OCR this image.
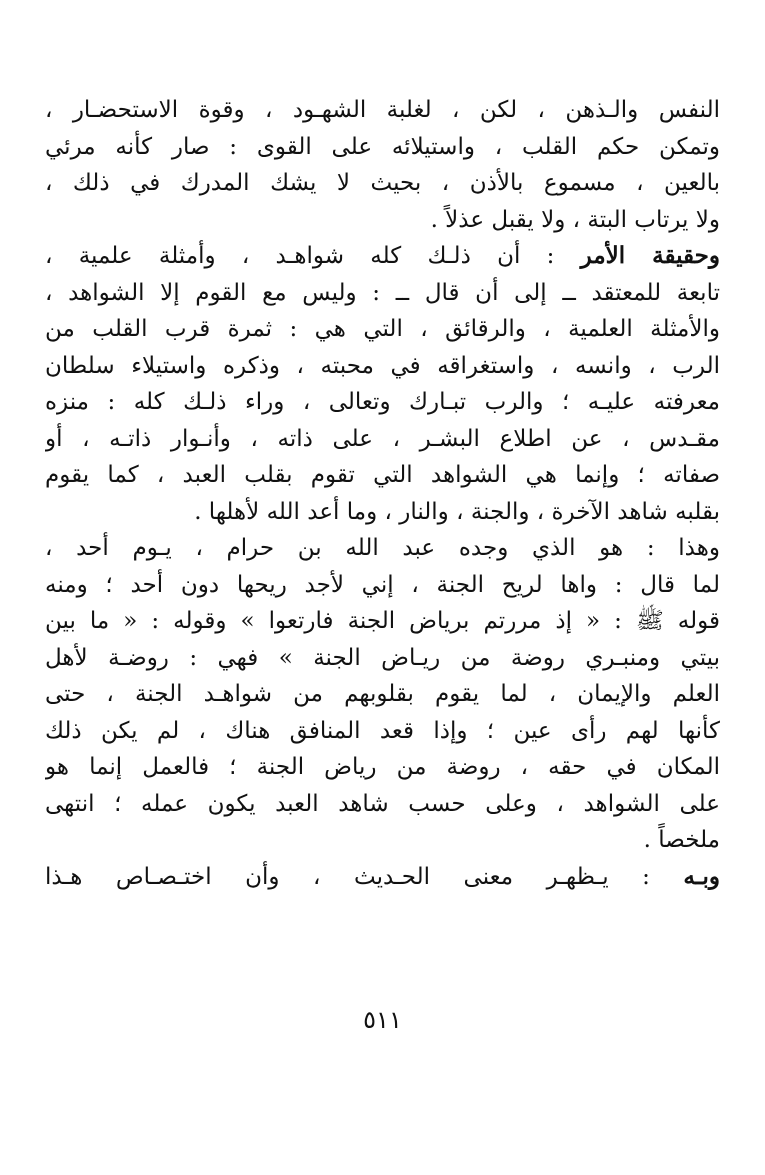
النفس والـذهن ، لكن ، لغلبة الشهـود ، وقوة الاستحضـار ،
وتمكن حكم القلب ، واستيلائه على القوى : صار كأنه مرئي
بالعين ، مسموع بالأذن ، بحيث لا يشك المدرك في ذلك ،
ولا يرتاب البتة ، ولا يقبل عذلاً .
وحقيقة الأمر : أن ذلـك كله شواهـد ، وأمثلة علمية ،
تابعة للمعتقد ــ إلى أن قال ــ : وليس مع القوم إلا الشواهد ،
والأمثلة العلمية ، والرقائق ، التي هي : ثمرة قرب القلب من
الرب ، وانسه ، واستغراقه في محبته ، وذكره واستيلاء سلطان
معرفته عليـه ؛ والرب تبـارك وتعالى ، وراء ذلـك كله : منزه
مقـدس ، عن اطلاع البشـر ، على ذاته ، وأنـوار ذاتـه ، أو
صفاته ؛ وإنما هي الشواهد التي تقوم بقلب العبد ، كما يقوم
بقلبه شاهد الآخرة ، والجنة ، والنار ، وما أعد الله لأهلها .
وهذا : هو الذي وجده عبد الله بن حرام ، يـوم أحد ،
لما قال : واها لريح الجنة ، إني لأجد ريحها دون أحد ؛ ومنه
قوله ﷺ : « إذ مررتم برياض الجنة فارتعوا » وقوله : « ما بين
بيتي ومنبـري روضة من ريـاض الجنة » فهي : روضـة لأهل
العلم والإيمان ، لما يقوم بقلوبهم من شواهـد الجنة ، حتى
كأنها لهم رأى عين ؛ وإذا قعد المنافق هناك ، لم يكن ذلك
المكان في حقه ، روضة من رياض الجنة ؛ فالعمل إنما هو
على الشواهد ، وعلى حسب شاهد العبد يكون عمله ؛ انتهى
ملخصاً .
وبـه : يـظهـر معنى الحـديث ، وأن اختـصـاص هـذا
٥١١
